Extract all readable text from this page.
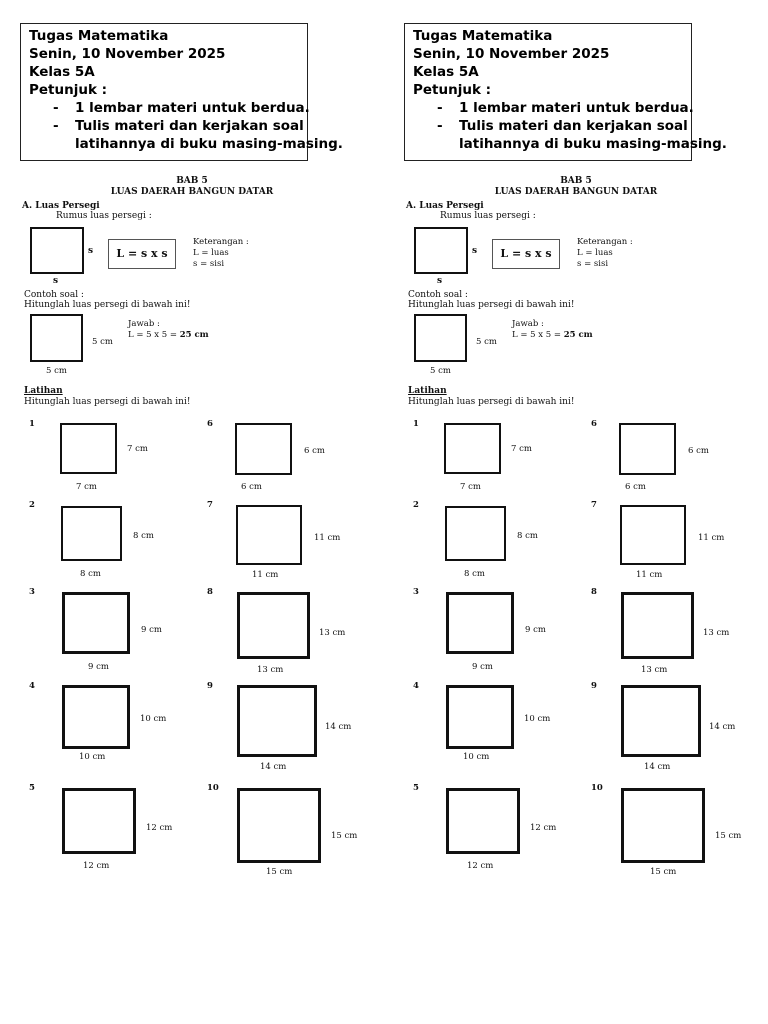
Tugas Matematika
Senin, 10 November 2025
Kelas 5A
Petunjuk :
- 1 lembar materi untuk berdua.
- Tulis materi dan kerjakan soal
latihannya di buku masing-masing.
BAB 5
LUAS DAERAH BANGUN DATAR
A. Luas Persegi
Rumus luas persegi :
s
s
L = s x s
Keterangan :
L = luas
s = sisi
Contoh soal :
Hitunglah luas persegi di bawah ini!
5 cm
5 cm
Jawab :
L = 5 x 5 = 25 cm
Latihan
Hitunglah luas persegi di bawah ini!
1
7 cm
7 cm
2
8 cm
8 cm
3
9 cm
9 cm
4
10 cm
10 cm
5
12 cm
12 cm
6
6 cm
6 cm
7
11 cm
11 cm
8
13 cm
13 cm
9
14 cm
14 cm
10
15 cm
15 cm
Tugas Matematika
Senin, 10 November 2025
Kelas 5A
Petunjuk :
- 1 lembar materi untuk berdua.
- Tulis materi dan kerjakan soal
latihannya di buku masing-masing.
BAB 5
LUAS DAERAH BANGUN DATAR
A. Luas Persegi
Rumus luas persegi :
s
s
L = s x s
Keterangan :
L = luas
s = sisi
Contoh soal :
Hitunglah luas persegi di bawah ini!
5 cm
5 cm
Jawab :
L = 5 x 5 = 25 cm
Latihan
Hitunglah luas persegi di bawah ini!
1
7 cm
7 cm
2
8 cm
8 cm
3
9 cm
9 cm
4
10 cm
10 cm
5
12 cm
12 cm
6
6 cm
6 cm
7
11 cm
11 cm
8
13 cm
13 cm
9
14 cm
14 cm
10
15 cm
15 cm
